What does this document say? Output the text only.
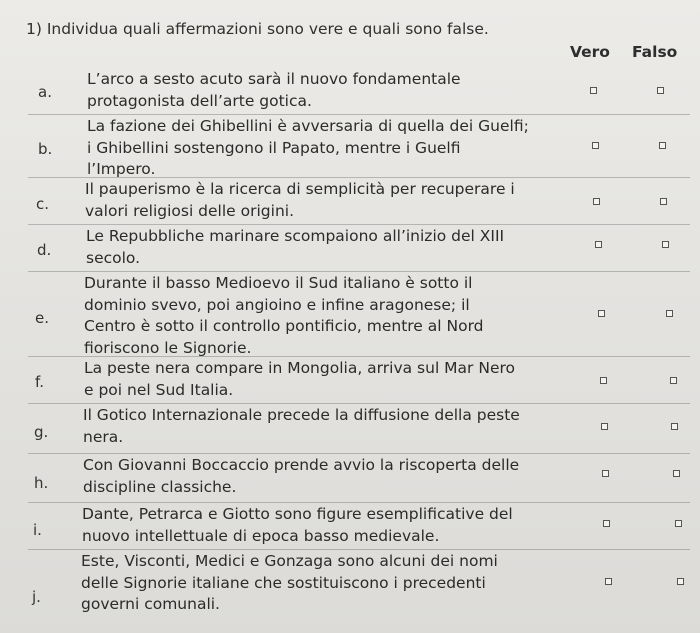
1) Individua quali affermazioni sono vere e quali sono false.
Vero Falso
a.
L’arco a sesto acuto sarà il nuovo fondamentale
protagonista dell’arte gotica.
b.
La fazione dei Ghibellini è avversaria di quella dei Guelfi;
i Ghibellini sostengono il Papato, mentre i Guelfi
l’Impero.
c.
Il pauperismo è la ricerca di semplicità per recuperare i
valori religiosi delle origini.
d.
Le Repubbliche marinare scompaiono all’inizio del XIII
secolo.
e.
Durante il basso Medioevo il Sud italiano è sotto il
dominio svevo, poi angioino e infine aragonese; il
Centro è sotto il controllo pontificio, mentre al Nord
fioriscono le Signorie.
f.
La peste nera compare in Mongolia, arriva sul Mar Nero
e poi nel Sud Italia.
g.
Il Gotico Internazionale precede la diffusione della peste
nera.
h.
Con Giovanni Boccaccio prende avvio la riscoperta delle
discipline classiche.
i.
Dante, Petrarca e Giotto sono figure esemplificative del
nuovo intellettuale di epoca basso medievale.
j.
Este, Visconti, Medici e Gonzaga sono alcuni dei nomi
delle Signorie italiane che sostituiscono i precedenti
governi comunali.
